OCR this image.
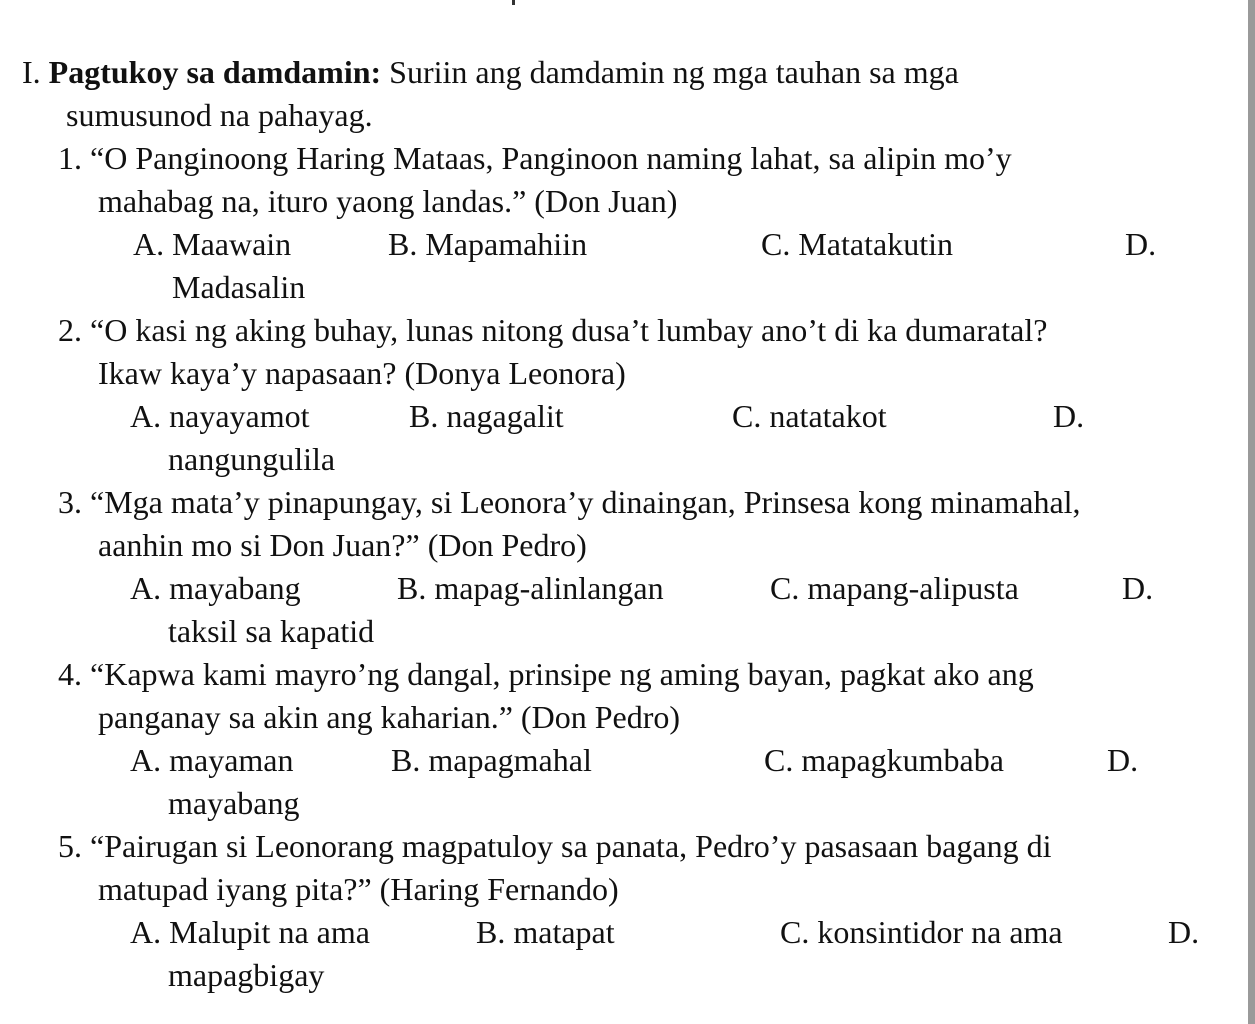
I. Pagtukoy sa damdamin: Suriin ang damdamin ng mga tauhan sa mga
sumusunod na pahayag.
1. “O Panginoong Haring Mataas, Panginoon naming lahat, sa alipin mo’y
mahabag na, ituro yaong landas.” (Don Juan)
A. Maawain	B. Mapamahiin	C. Matatakutin	D.
Madasalin
2. “O kasi ng aking buhay, lunas nitong dusa’t lumbay ano’t di ka dumaratal?
Ikaw kaya’y napasaan? (Donya Leonora)
A. nayayamot	B. nagagalit	C. natatakot	D.
nangungulila
3. “Mga mata’y pinapungay, si Leonora’y dinaingan, Prinsesa kong minamahal,
aanhin mo si Don Juan?” (Don Pedro)
A. mayabang	B. mapag-alinlangan	C. mapang-alipusta	D.
taksil sa kapatid
4. “Kapwa kami mayro’ng dangal, prinsipe ng aming bayan, pagkat ako ang
panganay sa akin ang kaharian.” (Don Pedro)
A. mayaman	B. mapagmahal	C. mapagkumbaba	D.
mayabang
5. “Pairugan si Leonorang magpatuloy sa panata, Pedro’y pasasaan bagang di
matupad iyang pita?” (Haring Fernando)
A. Malupit na ama	B. matapat	C. konsintidor na ama	D.
mapagbigay
